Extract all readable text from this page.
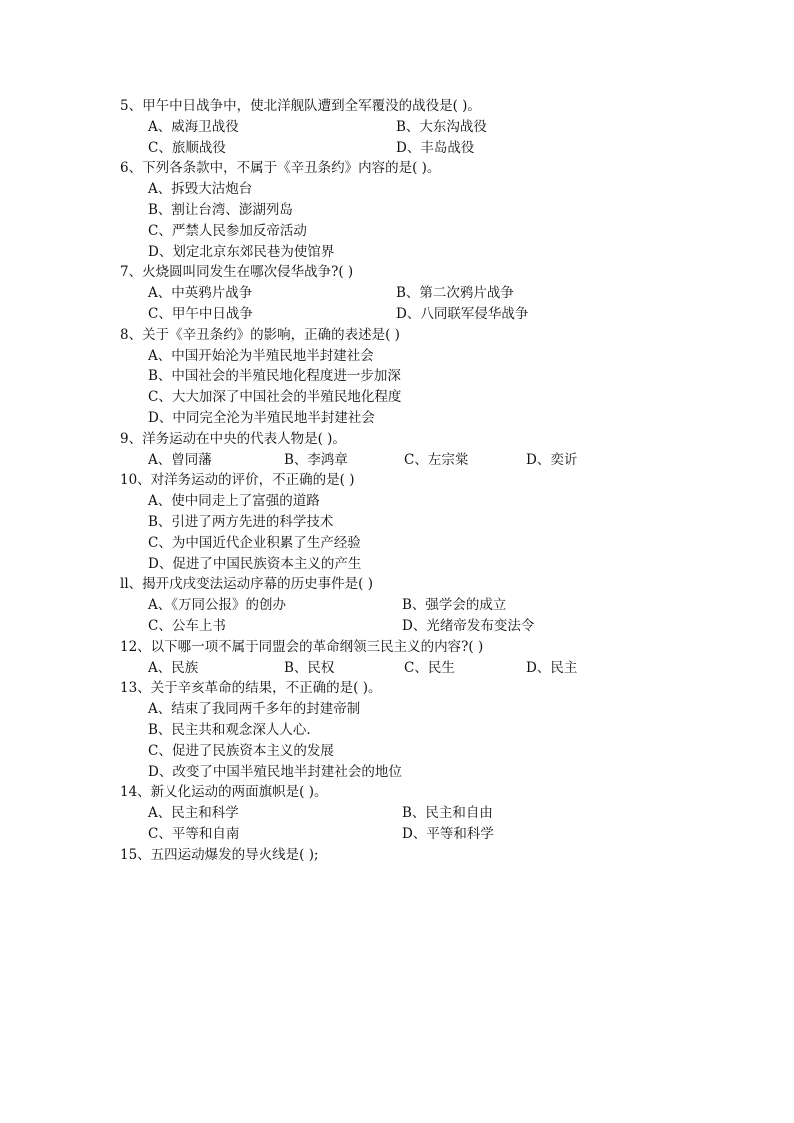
5、甲午中日战争中，使北洋舰队遭到全军覆没的战役是( )。
A、威海卫战役	B、大东沟战役
C、旅顺战役	D、丰岛战役
6、下列各条款中，不属于《辛丑条约》内容的是( )。
A、拆毁大沽炮台
B、割让台湾、澎湖列岛
C、严禁人民参加反帝活动
D、划定北京东郊民巷为使馆界
7、火烧圆叫同发生在哪次侵华战争?( )
A、中英鸦片战争	B、第二次鸦片战争
C、甲午中日战争	D、八同联军侵华战争
8、关于《辛丑条约》的影响，正确的表述是( )
A、中国开始沦为半殖民地半封建社会
B、中国社会的半殖民地化程度进一步加深
C、大大加深了中国社会的半殖民地化程度
D、中同完全沦为半殖民地半封建社会
9、洋务运动在中央的代表人物是( )。
A、曾同藩	B、李鸿章	C、左宗棠	D、奕䜣
10、对洋务运动的评价，不正确的是( )
A、使中同走上了富强的道路
B、引进了两方先进的科学技术
C、为中国近代企业积累了生产经验
D、促进了中国民族资本主义的产生
ll、揭开戊戌变法运动序幕的历史事件是( )
A、《万同公报》的创办	B、强学会的成立
C、公车上书	D、光绪帝发布变法令
12、以下哪一项不属于同盟会的革命纲领三民主义的内容?( )
A、民族	B、民权	C、民生	D、民主
13、关于辛亥革命的结果，不正确的是( )。
A、结束了我同两千多年的封建帝制
B、民主共和观念深人人心.
C、促进了民族资本主义的发展
D、改变了中国半殖民地半封建社会的地位
14、新乂化运动的两面旗帜是( )。
A、民主和科学	B、民主和自由
C、平等和自南	D、平等和科学
15、五四运动爆发的导火线是( );
